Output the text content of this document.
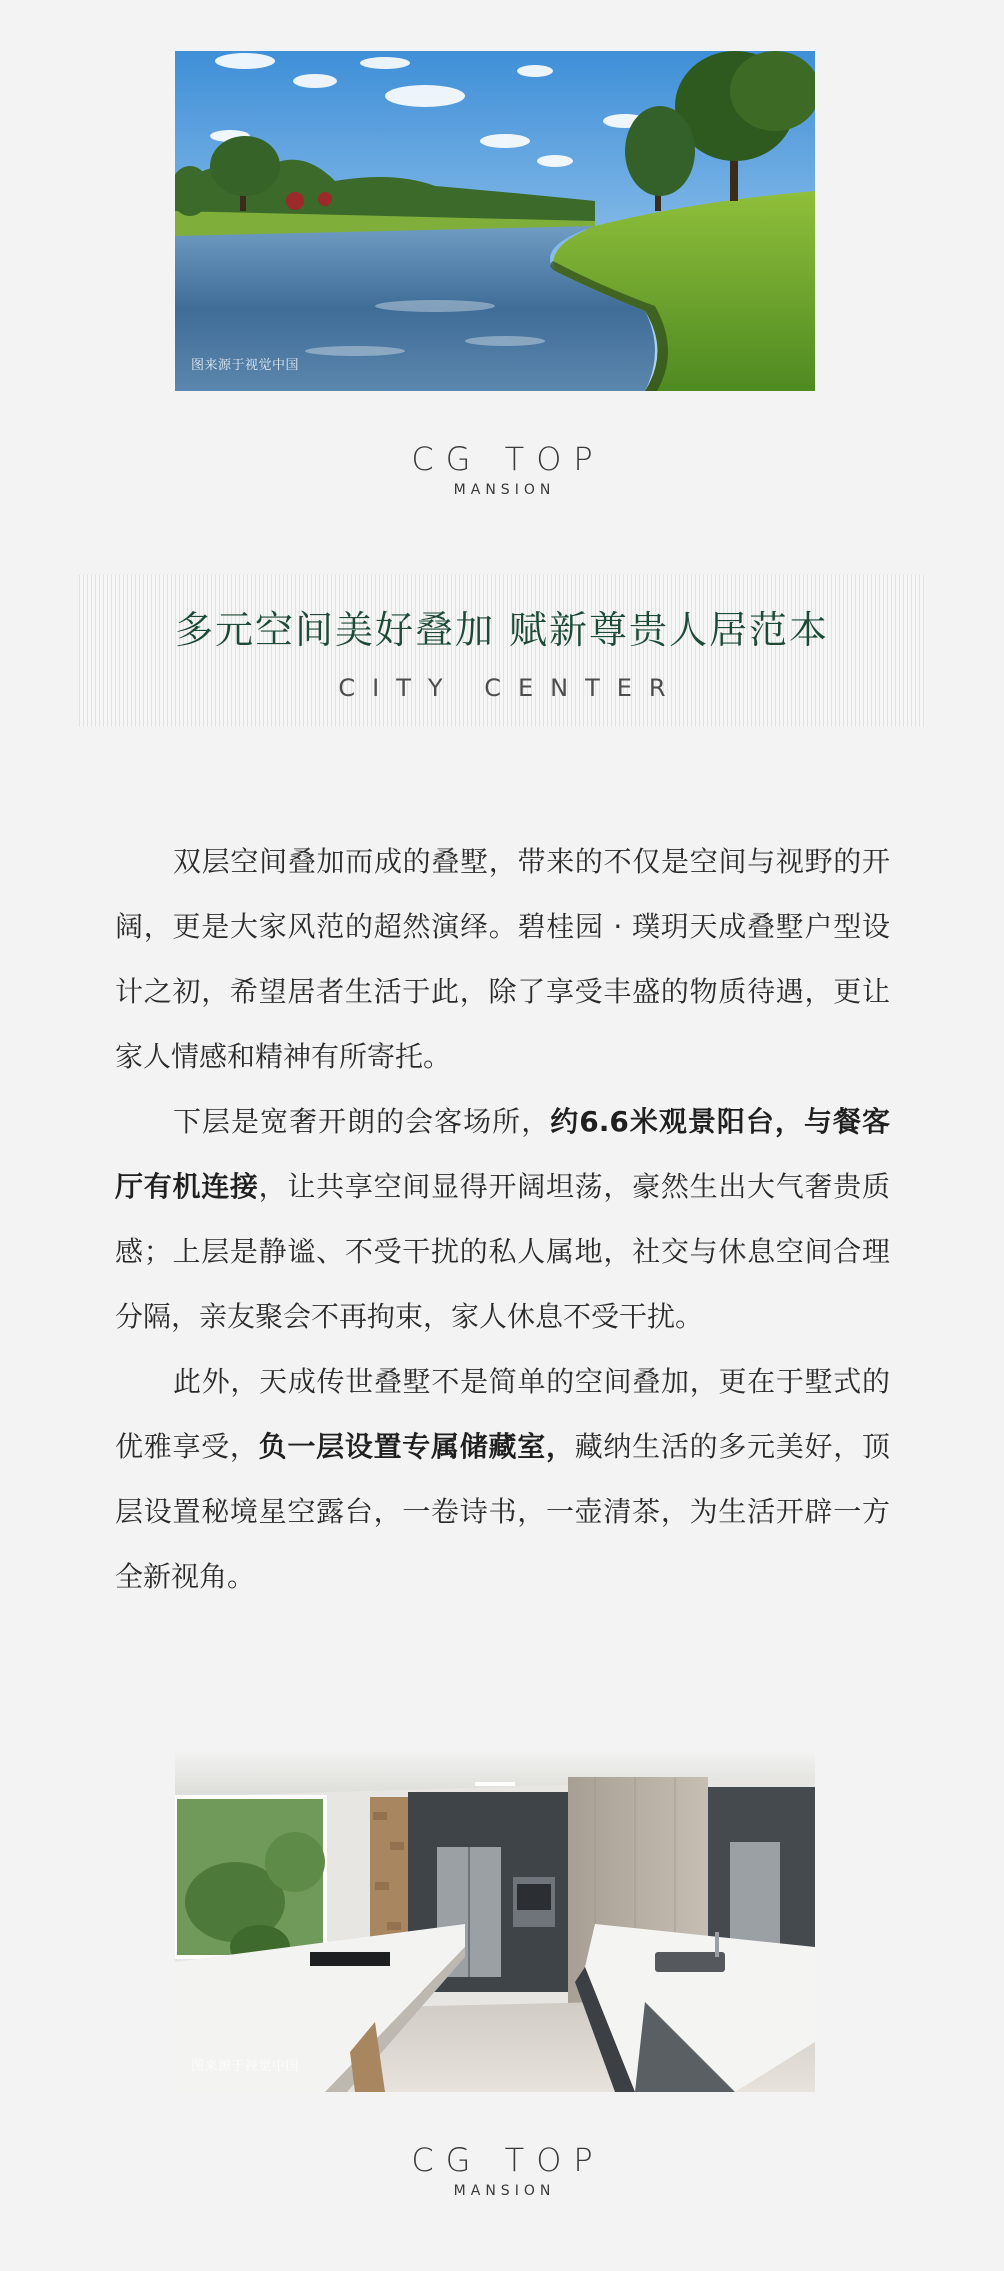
图来源于视觉中国
CG TOP
MANSION
多元空间美好叠加 赋新尊贵人居范本
CITY CENTER

双层空间叠加而成的叠墅，带来的不仅是空间与视野的开阔，更是大家风范的超然演绎。碧桂园 · 璞玥天成叠墅户型设计之初，希望居者生活于此，除了享受丰盛的物质待遇，更让家人情感和精神有所寄托。

下层是宽奢开朗的会客场所，约6.6米观景阳台，与餐客厅有机连接，让共享空间显得开阔坦荡，豪然生出大气奢贵质感；上层是静谧、不受干扰的私人属地，社交与休息空间合理分隔，亲友聚会不再拘束，家人休息不受干扰。

此外，天成传世叠墅不是简单的空间叠加，更在于墅式的优雅享受，负一层设置专属储藏室，藏纳生活的多元美好，顶层设置秘境星空露台，一卷诗书，一壶清茶，为生活开辟一方全新视角。

图来源于视觉中国
CG TOP
MANSION
